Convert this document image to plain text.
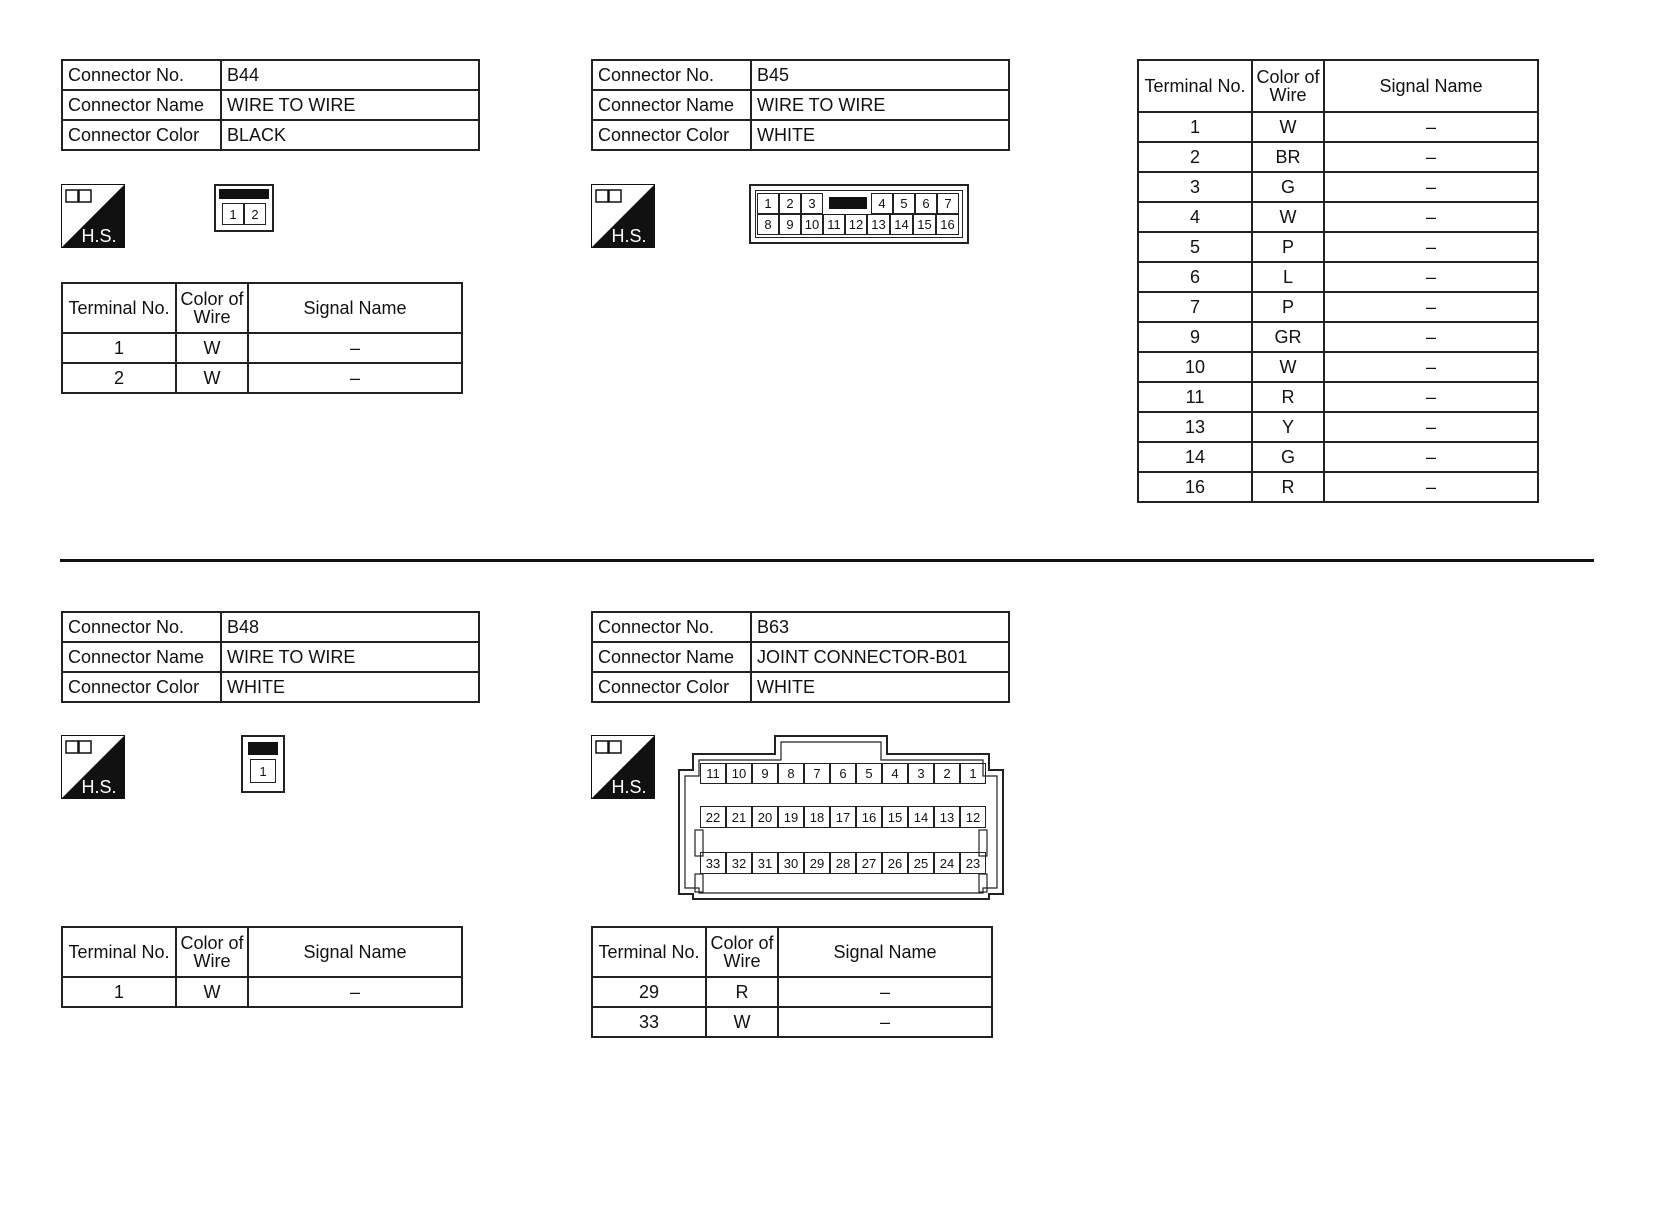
Connector No.	B44
Connector Name	WIRE TO WIRE
Connector Color	BLACK
H.S.
1	2
Terminal No.	Color of Wire	Signal Name
1	W	–
2	W	–
Connector No.	B45
Connector Name	WIRE TO WIRE
Connector Color	WHITE
H.S.
1	2	3	4	5	6	7
8	9 10 11 12 13 14 15 16
Terminal No.	Color of Wire	Signal Name
1	W	–
2	BR	–
3	G	–
4	W	–
5	P	–
6	L	–
7	P	–
9	GR	–
10	W	–
11	R	–
13	Y	–
14	G	–
16	R	–
Connector No.	B48
Connector Name	WIRE TO WIRE
Connector Color	WHITE
H.S.
1
Terminal No.	Color of Wire	Signal Name
1	W	–
Connector No.	B63
Connector Name	JOINT CONNECTOR-B01
Connector Color	WHITE
H.S.
11 10	9	8	7	6	5	4	3	2	1
22 21 20 19 18 17 16 15 14 13 12
33 32 31 30 29 28 27 26 25 24 23
Terminal No.	Color of Wire	Signal Name
29	R	–
33	W	–
